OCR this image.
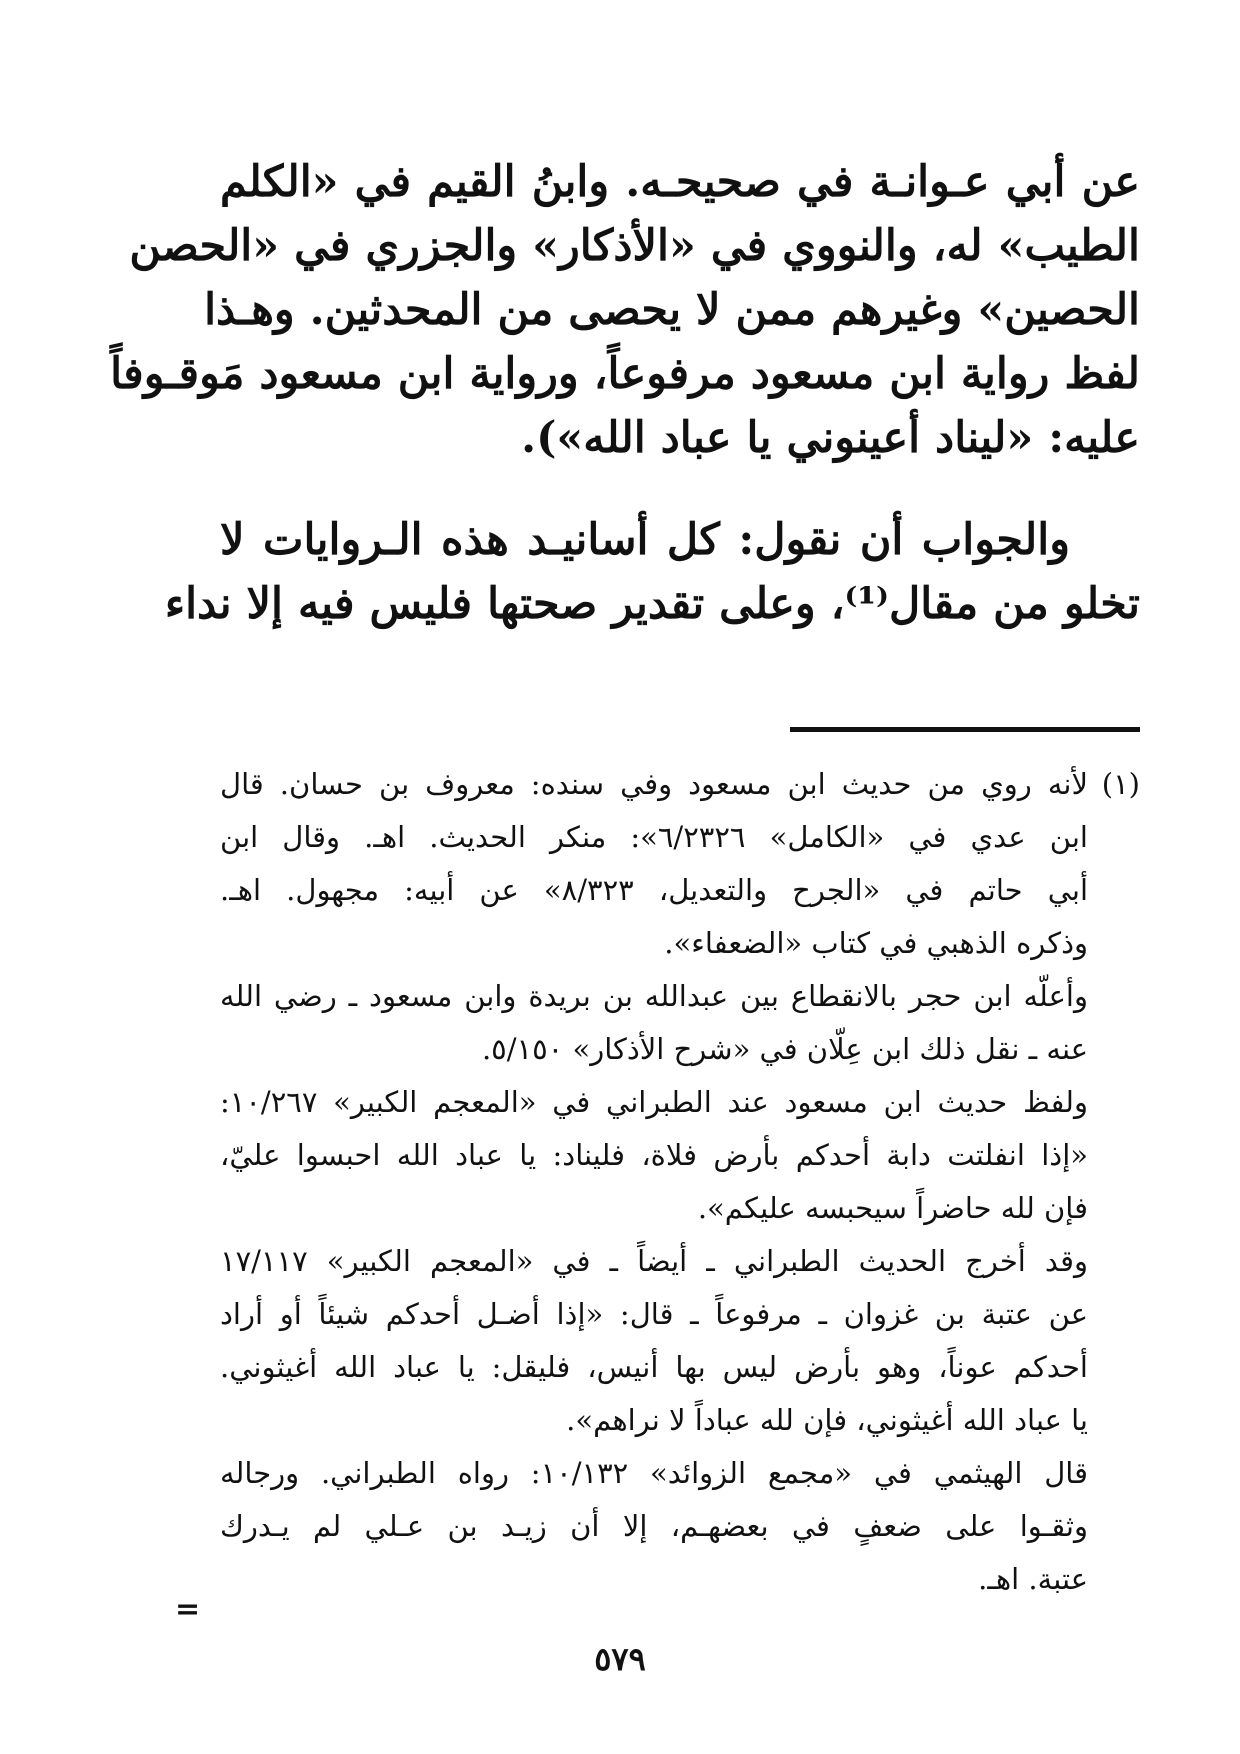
عن أبي عـوانـة في صحيحـه. وابنُ القيم في «الكلم
الطيب» له، والنووي في «الأذكار» والجزري في «الحصن
الحصين» وغيرهم ممن لا يحصى من المحدثين. وهـذا
لفظ رواية ابن مسعود مرفوعاً، ورواية ابن مسعود مَوقـوفاً
عليه: «ليناد أعينوني يا عباد الله»).
والجواب أن نقول: كل أسانيـد هذه الـروايات لا
تخلو من مقال⁽¹⁾، وعلى تقدير صحتها فليس فيه إلا نداء
(١)لأنه روي من حديث ابن مسعود وفي سنده: معروف بن حسان. قال
ابن عدي في «الكامل» ٦/٢٣٢٦»: منكر الحديث. اهـ. وقال ابن
أبي حاتم في «الجرح والتعديل، ٨/٣٢٣» عن أبيه: مجهول. اهـ.
وذكره الذهبي في كتاب «الضعفاء».
وأعلّه ابن حجر بالانقطاع بين عبدالله بن بريدة وابن مسعود ـ رضي الله
عنه ـ نقل ذلك ابن عِلّان في «شرح الأذكار» ٥/١٥٠.
ولفظ حديث ابن مسعود عند الطبراني في «المعجم الكبير» ١٠/٢٦٧:
«إذا انفلتت دابة أحدكم بأرض فلاة، فليناد: يا عباد الله احبسوا عليّ،
فإن لله حاضراً سيحبسه عليكم».
وقد أخرج الحديث الطبراني ـ أيضاً ـ في «المعجم الكبير» ١٧/١١٧
عن عتبة بن غزوان ـ مرفوعاً ـ قال: «إذا أضـل أحدكم شيئاً أو أراد
أحدكم عوناً، وهو بأرض ليس بها أنيس، فليقل: يا عباد الله أغيثوني.
يا عباد الله أغيثوني، فإن لله عباداً لا نراهم».
قال الهيثمي في «مجمع الزوائد» ١٠/١٣٢: رواه الطبراني. ورجاله
وثقـوا على ضعفٍ في بعضهـم، إلا أن زيـد بن عـلي لم يـدرك
عتبة. اهـ.
=
٥٧٩
